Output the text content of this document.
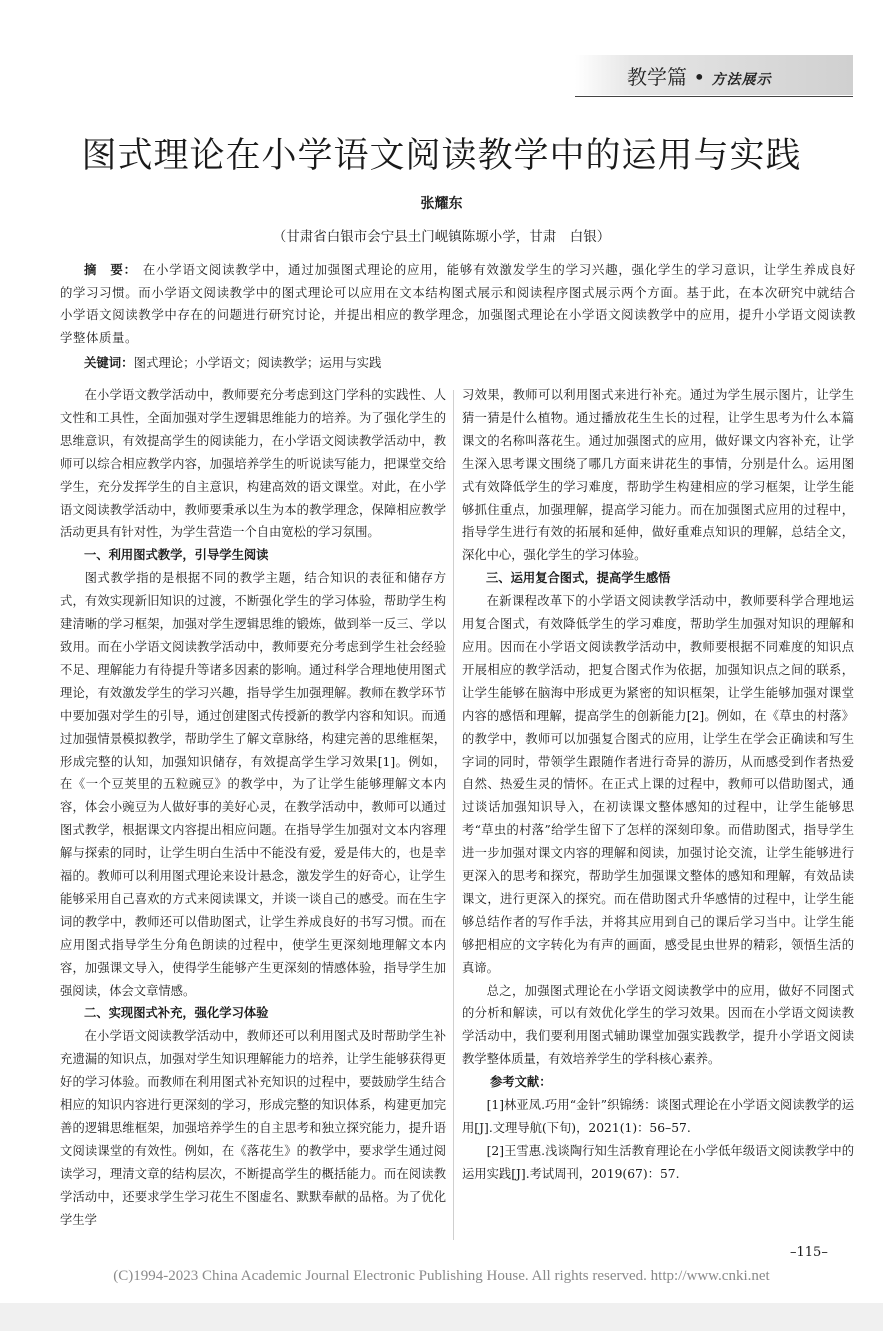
教学篇 • 方法展示
图式理论在小学语文阅读教学中的运用与实践
张耀东
（甘肃省白银市会宁县土门岘镇陈塬小学，甘肃　白银）
摘　要： 在小学语文阅读教学中，通过加强图式理论的应用，能够有效激发学生的学习兴趣，强化学生的学习意识，让学生养成良好的学习习惯。而小学语文阅读教学中的图式理论可以应用在文本结构图式展示和阅读程序图式展示两个方面。基于此，在本次研究中就结合小学语文阅读教学中存在的问题进行研究讨论，并提出相应的教学理念，加强图式理论在小学语文阅读教学中的应用，提升小学语文阅读教学整体质量。
关键词：图式理论；小学语文；阅读教学；运用与实践

在小学语文教学活动中，教师要充分考虑到这门学科的实践性、人文性和工具性，全面加强对学生逻辑思维能力的培养。为了强化学生的思维意识，有效提高学生的阅读能力，在小学语文阅读教学活动中，教师可以综合相应教学内容，加强培养学生的听说读写能力，把课堂交给学生，充分发挥学生的自主意识，构建高效的语文课堂。对此，在小学语文阅读教学活动中，教师要秉承以生为本的教学理念，保障相应教学活动更具有针对性，为学生营造一个自由宽松的学习氛围。

一、利用图式教学，引导学生阅读

图式教学指的是根据不同的教学主题，结合知识的表征和储存方式，有效实现新旧知识的过渡，不断强化学生的学习体验，帮助学生构建清晰的学习框架，加强对学生逻辑思维的锻炼，做到举一反三、学以致用。而在小学语文阅读教学活动中，教师要充分考虑到学生社会经验不足、理解能力有待提升等诸多因素的影响。通过科学合理地使用图式理论，有效激发学生的学习兴趣，指导学生加强理解。教师在教学环节中要加强对学生的引导，通过创建图式传授新的教学内容和知识。而通过加强情景模拟教学，帮助学生了解文章脉络，构建完善的思维框架，形成完整的认知，加强知识储存，有效提高学生学习效果[1]。例如，在《一个豆荚里的五粒豌豆》的教学中，为了让学生能够理解文本内容，体会小豌豆为人做好事的美好心灵，在教学活动中，教师可以通过图式教学，根据课文内容提出相应问题。在指导学生加强对文本内容理解与探索的同时，让学生明白生活中不能没有爱，爱是伟大的，也是幸福的。教师可以利用图式理论来设计悬念，激发学生的好奇心，让学生能够采用自己喜欢的方式来阅读课文，并谈一谈自己的感受。而在生字词的教学中，教师还可以借助图式，让学生养成良好的书写习惯。而在应用图式指导学生分角色朗读的过程中，使学生更深刻地理解文本内容，加强课文导入，使得学生能够产生更深刻的情感体验，指导学生加强阅读，体会文章情感。

二、实现图式补充，强化学习体验

在小学语文阅读教学活动中，教师还可以利用图式及时帮助学生补充遗漏的知识点，加强对学生知识理解能力的培养，让学生能够获得更好的学习体验。而教师在利用图式补充知识的过程中，要鼓励学生结合相应的知识内容进行更深刻的学习，形成完整的知识体系，构建更加完善的逻辑思维框架，加强培养学生的自主思考和独立探究能力，提升语文阅读课堂的有效性。例如，在《落花生》的教学中，要求学生通过阅读学习，理清文章的结构层次，不断提高学生的概括能力。而在阅读教学活动中，还要求学生学习花生不图虚名、默默奉献的品格。为了优化学生学

习效果，教师可以利用图式来进行补充。通过为学生展示图片，让学生猜一猜是什么植物。通过播放花生生长的过程，让学生思考为什么本篇课文的名称叫落花生。通过加强图式的应用，做好课文内容补充，让学生深入思考课文围绕了哪几方面来讲花生的事情，分别是什么。运用图式有效降低学生的学习难度，帮助学生构建相应的学习框架，让学生能够抓住重点，加强理解，提高学习能力。而在加强图式应用的过程中，指导学生进行有效的拓展和延伸，做好重难点知识的理解，总结全文，深化中心，强化学生的学习体验。

三、运用复合图式，提高学生感悟

在新课程改革下的小学语文阅读教学活动中，教师要科学合理地运用复合图式，有效降低学生的学习难度，帮助学生加强对知识的理解和应用。因而在小学语文阅读教学活动中，教师要根据不同难度的知识点开展相应的教学活动，把复合图式作为依据，加强知识点之间的联系，让学生能够在脑海中形成更为紧密的知识框架，让学生能够加强对课堂内容的感悟和理解，提高学生的创新能力[2]。例如，在《草虫的村落》的教学中，教师可以加强复合图式的应用，让学生在学会正确读和写生字词的同时，带领学生跟随作者进行奇异的游历，从而感受到作者热爱自然、热爱生灵的情怀。在正式上课的过程中，教师可以借助图式，通过谈话加强知识导入，在初读课文整体感知的过程中，让学生能够思考“草虫的村落”给学生留下了怎样的深刻印象。而借助图式，指导学生进一步加强对课文内容的理解和阅读，加强讨论交流，让学生能够进行更深入的思考和探究，帮助学生加强课文整体的感知和理解，有效品读课文，进行更深入的探究。而在借助图式升华感情的过程中，让学生能够总结作者的写作手法，并将其应用到自己的课后学习当中。让学生能够把相应的文字转化为有声的画面，感受昆虫世界的精彩，领悟生活的真谛。

总之，加强图式理论在小学语文阅读教学中的应用，做好不同图式的分析和解读，可以有效优化学生的学习效果。因而在小学语文阅读教学活动中，我们要利用图式辅助课堂加强实践教学，提升小学语文阅读教学整体质量，有效培养学生的学科核心素养。

参考文献：

[1]林亚凤.巧用“金针”织锦绣：谈图式理论在小学语文阅读教学的运用[J].文理导航(下旬)，2021(1)：56–57.

[2]王雪惠.浅谈陶行知生活教育理论在小学低年级语文阅读教学中的运用实践[J].考试周刊，2019(67)：57.

–115–
(C)1994-2023 China Academic Journal Electronic Publishing House. All rights reserved. http://www.cnki.net
